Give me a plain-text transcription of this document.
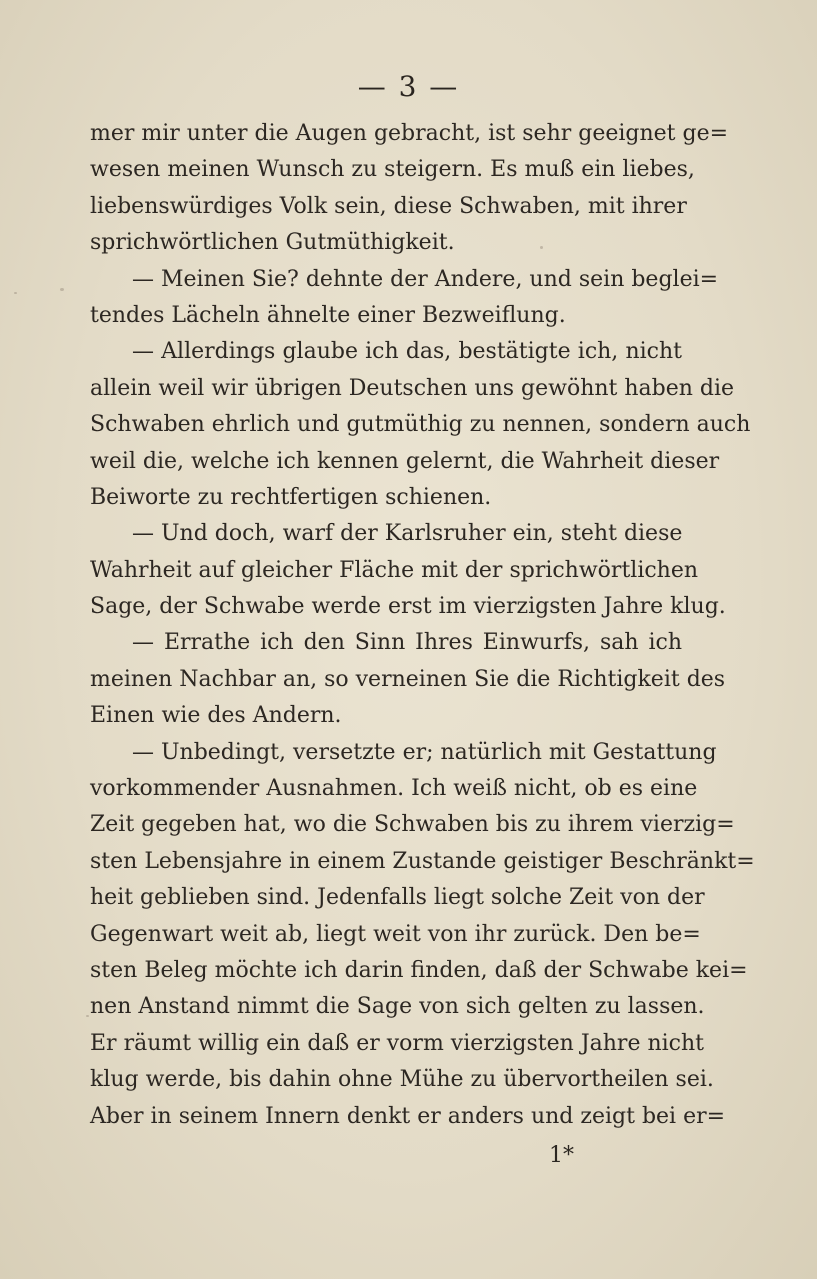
— 3 —
mer mir unter die Augen gebracht, ist sehr geeignet ge=
wesen meinen Wunsch zu steigern. Es muß ein liebes,
liebenswürdiges Volk sein, diese Schwaben, mit ihrer
sprichwörtlichen Gutmüthigkeit.
— Meinen Sie? dehnte der Andere, und sein beglei=
tendes Lächeln ähnelte einer Bezweiflung.
— Allerdings glaube ich das, bestätigte ich, nicht
allein weil wir übrigen Deutschen uns gewöhnt haben die
Schwaben ehrlich und gutmüthig zu nennen, sondern auch
weil die, welche ich kennen gelernt, die Wahrheit dieser
Beiworte zu rechtfertigen schienen.
— Und doch, warf der Karlsruher ein, steht diese
Wahrheit auf gleicher Fläche mit der sprichwörtlichen
Sage, der Schwabe werde erst im vierzigsten Jahre klug.
— Errathe ich den Sinn Ihres Einwurfs, sah ich
meinen Nachbar an, so verneinen Sie die Richtigkeit des
Einen wie des Andern.
— Unbedingt, versetzte er; natürlich mit Gestattung
vorkommender Ausnahmen. Ich weiß nicht, ob es eine
Zeit gegeben hat, wo die Schwaben bis zu ihrem vierzig=
sten Lebensjahre in einem Zustande geistiger Beschränkt=
heit geblieben sind. Jedenfalls liegt solche Zeit von der
Gegenwart weit ab, liegt weit von ihr zurück. Den be=
sten Beleg möchte ich darin finden, daß der Schwabe kei=
nen Anstand nimmt die Sage von sich gelten zu lassen.
Er räumt willig ein daß er vorm vierzigsten Jahre nicht
klug werde, bis dahin ohne Mühe zu übervortheilen sei.
Aber in seinem Innern denkt er anders und zeigt bei er=
1*
